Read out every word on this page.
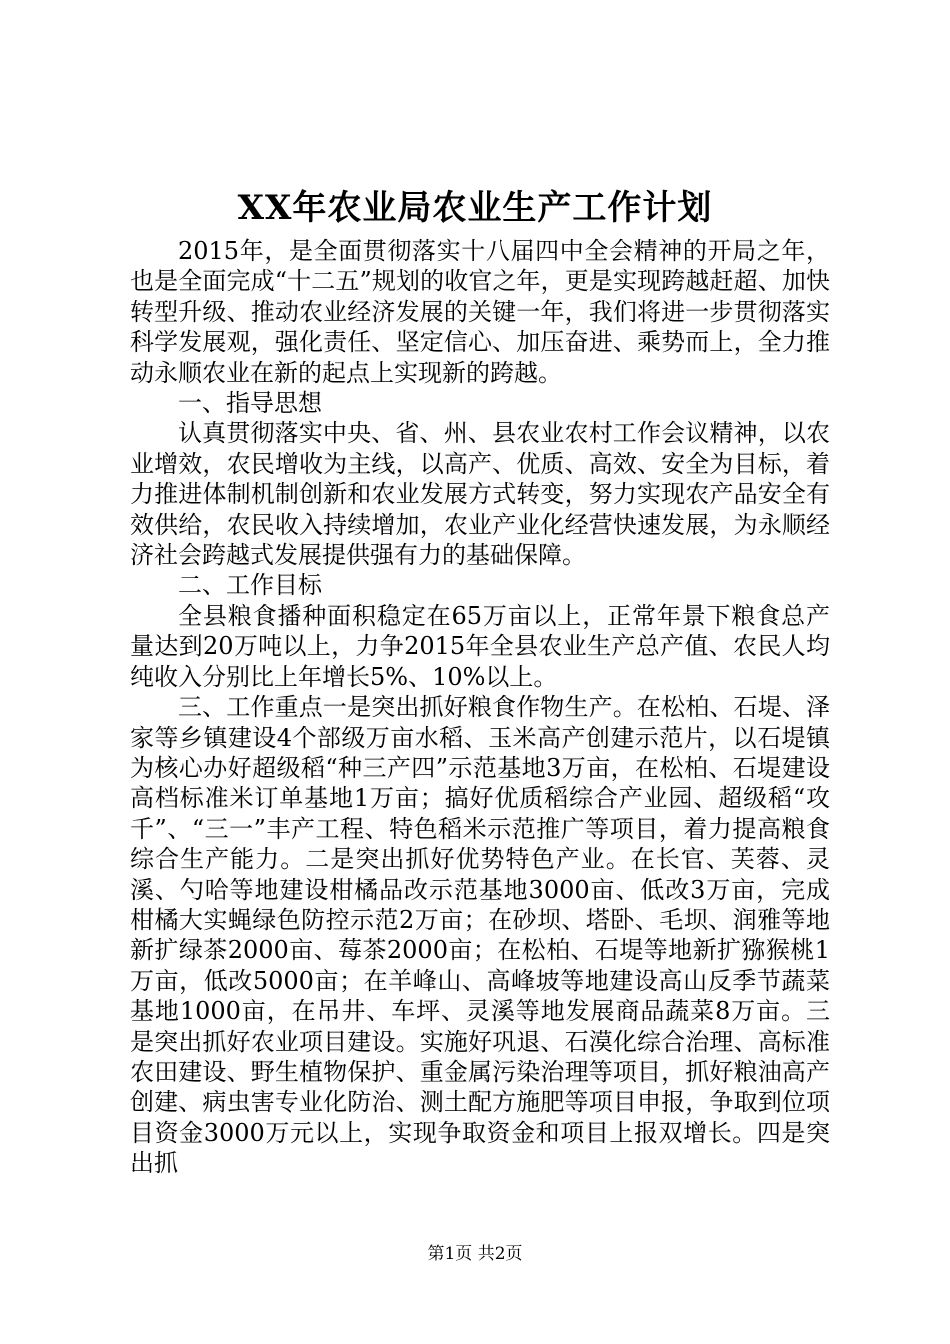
XX年农业局农业生产工作计划

2015年，是全面贯彻落实十八届四中全会精神的开局之年，也是全面完成“十二五”规划的收官之年，更是实现跨越赶超、加快转型升级、推动农业经济发展的关键一年，我们将进一步贯彻落实科学发展观，强化责任、坚定信心、加压奋进、乘势而上，全力推动永顺农业在新的起点上实现新的跨越。

一、指导思想

认真贯彻落实中央、省、州、县农业农村工作会议精神，以农业增效，农民增收为主线，以高产、优质、高效、安全为目标，着力推进体制机制创新和农业发展方式转变，努力实现农产品安全有效供给，农民收入持续增加，农业产业化经营快速发展，为永顺经济社会跨越式发展提供强有力的基础保障。

二、工作目标

全县粮食播种面积稳定在65万亩以上，正常年景下粮食总产量达到20万吨以上，力争2015年全县农业生产总产值、农民人均纯收入分别比上年增长5%、10%以上。

三、工作重点一是突出抓好粮食作物生产。在松柏、石堤、泽家等乡镇建设4个部级万亩水稻、玉米高产创建示范片，以石堤镇为核心办好超级稻“种三产四”示范基地3万亩，在松柏、石堤建设高档标准米订单基地1万亩；搞好优质稻综合产业园、超级稻“攻千”、“三一”丰产工程、特色稻米示范推广等项目，着力提高粮食综合生产能力。二是突出抓好优势特色产业。在长官、芙蓉、灵溪、勺哈等地建设柑橘品改示范基地3000亩、低改3万亩，完成柑橘大实蝇绿色防控示范2万亩；在砂坝、塔卧、毛坝、润雅等地新扩绿茶2000亩、莓茶2000亩；在松柏、石堤等地新扩猕猴桃1万亩，低改5000亩；在羊峰山、高峰坡等地建设高山反季节蔬菜基地1000亩，在吊井、车坪、灵溪等地发展商品蔬菜8万亩。三是突出抓好农业项目建设。实施好巩退、石漠化综合治理、高标准农田建设、野生植物保护、重金属污染治理等项目，抓好粮油高产创建、病虫害专业化防治、测土配方施肥等项目申报，争取到位项目资金3000万元以上，实现争取资金和项目上报双增长。四是突出抓

第1页 共2页
